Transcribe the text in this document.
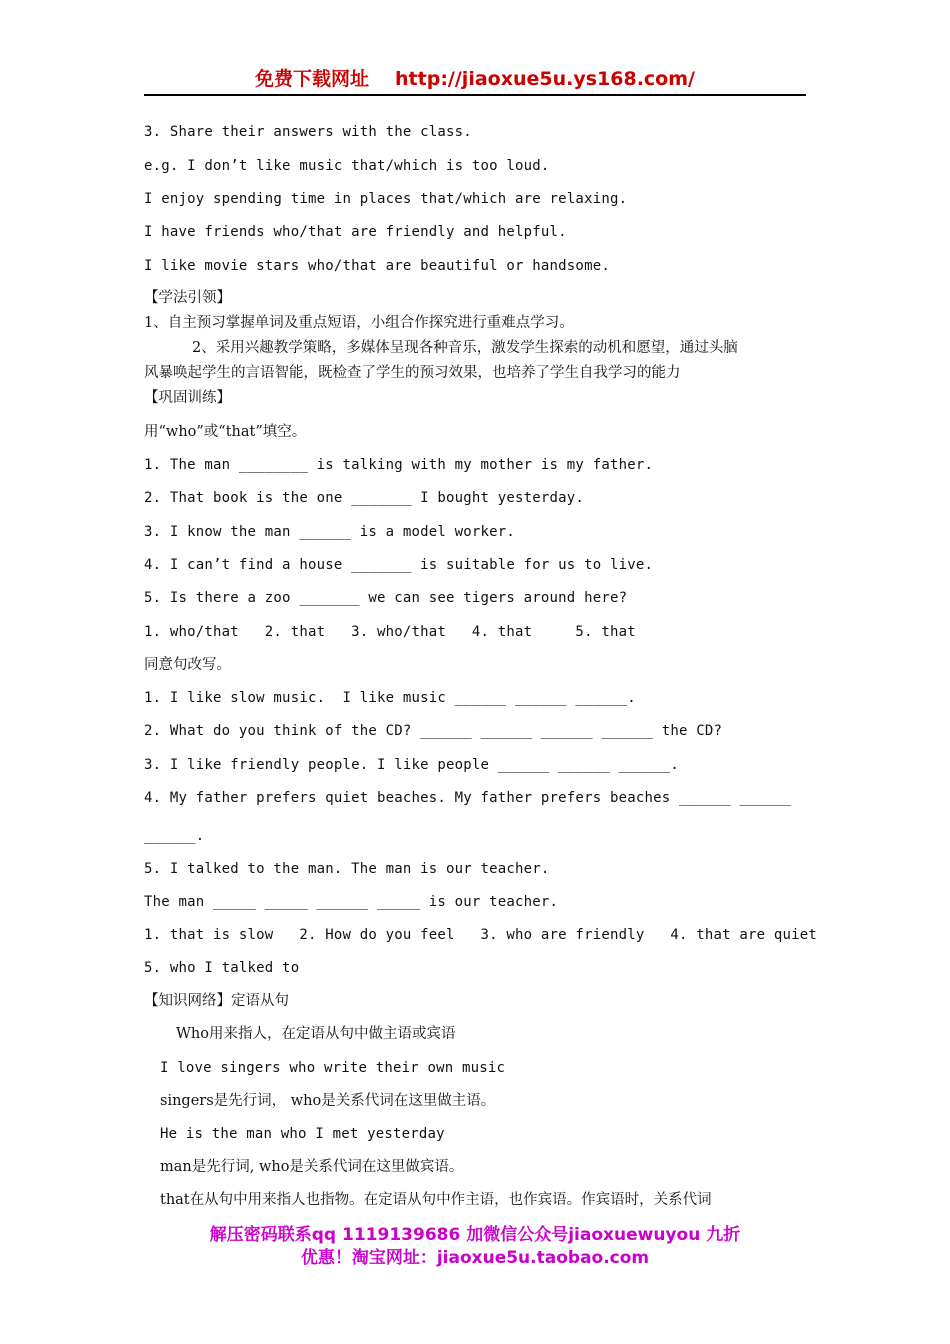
免费下载网址 http://jiaoxue5u.ys168.com/
3. Share their answers with the class.
e.g. I don’t like music that/which is too loud.
I enjoy spending time in places that/which are relaxing.
I have friends who/that are friendly and helpful.
I like movie stars who/that are beautiful or handsome.
【学法引领】
1、自主预习掌握单词及重点短语，小组合作探究进行重难点学习。
2、采用兴趣教学策略，多媒体呈现各种音乐，激发学生探索的动机和愿望，通过头脑
风暴唤起学生的言语智能，既检查了学生的预习效果，也培养了学生自我学习的能力
【巩固训练】
用“who”或“that”填空。
1. The man ________ is talking with my mother is my father.
2. That book is the one _______ I bought yesterday.
3. I know the man ______ is a model worker.
4. I can’t find a house _______ is suitable for us to live.
5. Is there a zoo _______ we can see tigers around here?
1. who/that   2. that   3. who/that   4. that     5. that
同意句改写。
1. I like slow music.  I like music ______ ______ ______.
2. What do you think of the CD? ______ ______ ______ ______ the CD?
3. I like friendly people. I like people ______ ______ ______.
4. My father prefers quiet beaches. My father prefers beaches ______ ______
______.
5. I talked to the man. The man is our teacher.
The man _____ _____ ______ _____ is our teacher.
1. that is slow   2. How do you feel   3. who are friendly   4. that are quiet
5. who I talked to
【知识网络】定语从句
Who用来指人，在定语从句中做主语或宾语
I love singers who write their own music
singers是先行词， who是关系代词在这里做主语。
He is the man who I met yesterday
man是先行词, who是关系代词在这里做宾语。
that在从句中用来指人也指物。在定语从句中作主语，也作宾语。作宾语时，关系代词
解压密码联系qq 1119139686 加微信公众号jiaoxuewuyou 九折
优惠！淘宝网址：jiaoxue5u.taobao.com
